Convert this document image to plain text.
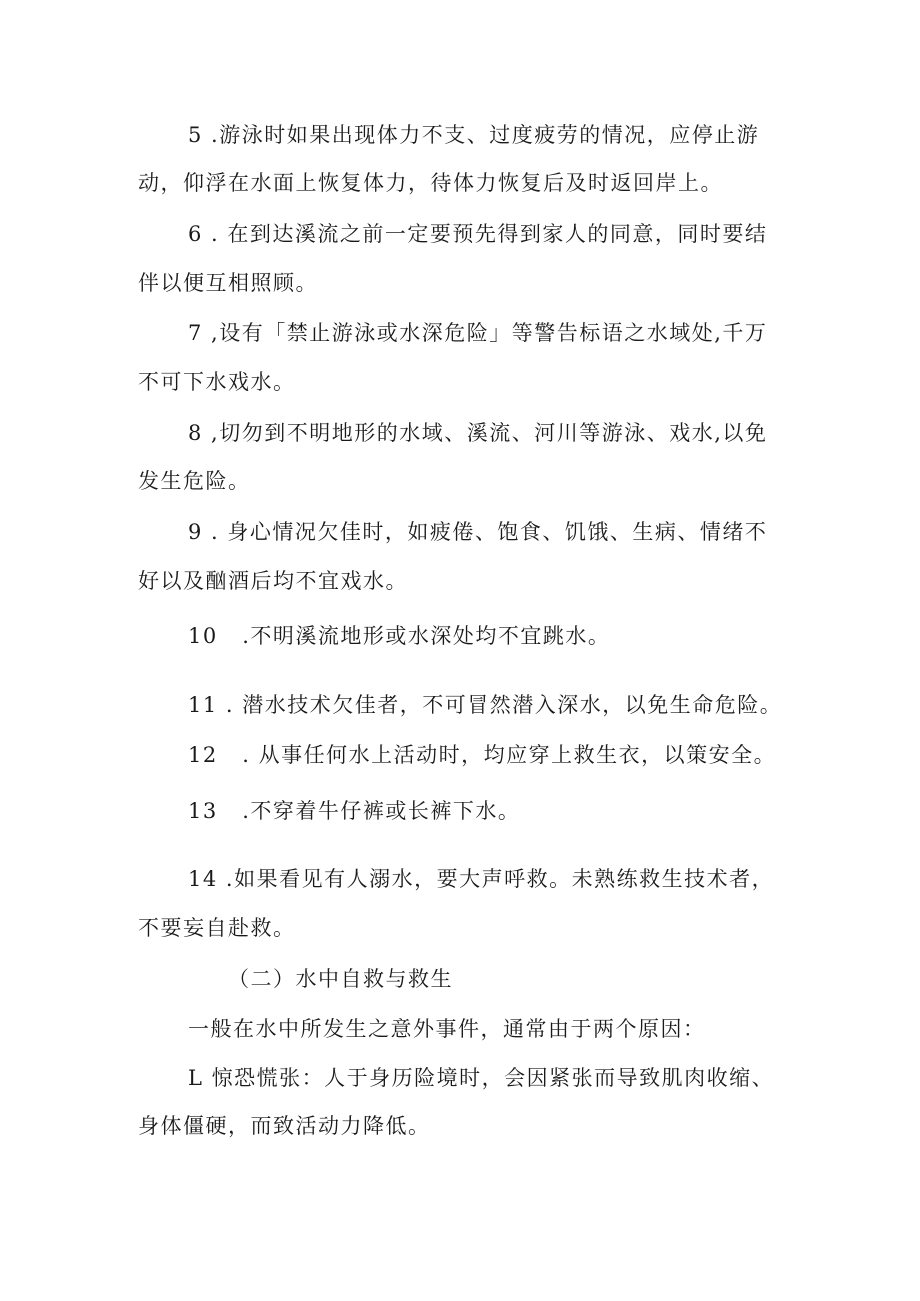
5 .游泳时如果出现体力不支、过度疲劳的情况，应停止游
动，仰浮在水面上恢复体力，待体力恢复后及时返回岸上。
6 . 在到达溪流之前一定要预先得到家人的同意，同时要结
伴以便互相照顾。
7 ,设有「禁止游泳或水深危险」等警告标语之水域处,千万
不可下水戏水。
8 ,切勿到不明地形的水域、溪流、河川等游泳、戏水,以免
发生危险。
9 . 身心情况欠佳时，如疲倦、饱食、饥饿、生病、情绪不
好以及酗酒后均不宜戏水。
10   .不明溪流地形或水深处均不宜跳水。
11 . 潜水技术欠佳者，不可冒然潜入深水，以免生命危险。
12   . 从事任何水上活动时，均应穿上救生衣，以策安全。
13   .不穿着牛仔裤或长裤下水。
14 .如果看见有人溺水，要大声呼救。未熟练救生技术者，
不要妄自赴救。
（二）水中自救与救生
一般在水中所发生之意外事件，通常由于两个原因：
L 惊恐慌张：人于身历险境时，会因紧张而导致肌肉收缩、
身体僵硬，而致活动力降低。
